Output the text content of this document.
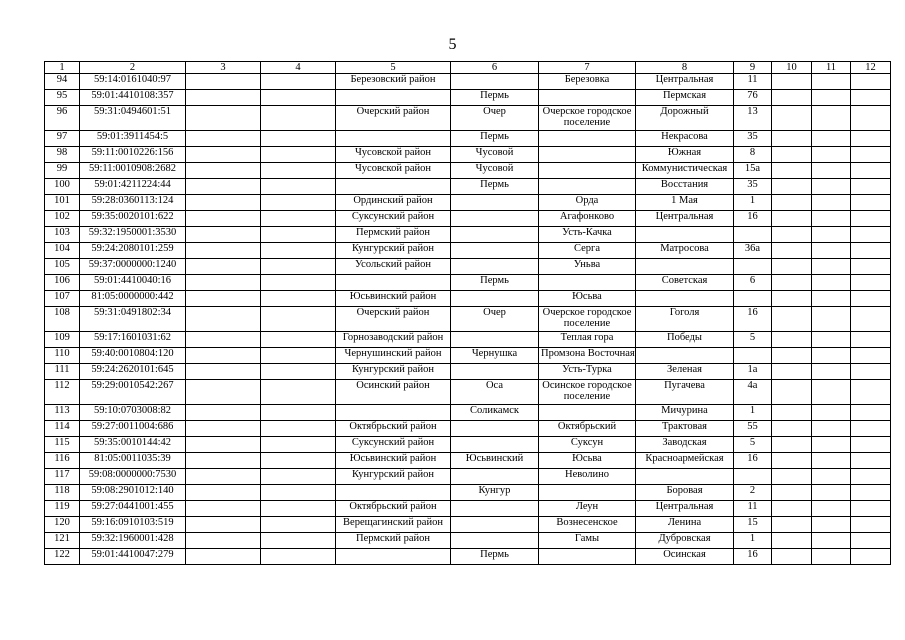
5
1	2	3	4	5	6	7	8	9	10	11	12
94	59:14:0161040:97			Березовский район		Березовка	Центральная	11			
95	59:01:4410108:357				Пермь		Пермская	76			
96	59:31:0494601:51			Очерский район	Очер	Очерское городское поселение	Дорожный	13			
97	59:01:3911454:5				Пермь		Некрасова	35			
98	59:11:0010226:156			Чусовской район	Чусовой		Южная	8			
99	59:11:0010908:2682			Чусовской район	Чусовой		Коммунистическая	15а			
100	59:01:4211224:44				Пермь		Восстания	35			
101	59:28:0360113:124			Ординский район		Орда	1 Мая	1			
102	59:35:0020101:622			Суксунский район		Агафонково	Центральная	16			
103	59:32:1950001:3530			Пермский район		Усть-Качка					
104	59:24:2080101:259			Кунгурский район		Серга	Матросова	36а			
105	59:37:0000000:1240			Усольский район		Уньва					
106	59:01:4410040:16				Пермь		Советская	6			
107	81:05:0000000:442			Юсьвинский район		Юсьва					
108	59:31:0491802:34			Очерский район	Очер	Очерское городское поселение	Гоголя	16			
109	59:17:1601031:62			Горнозаводский район		Теплая гора	Победы	5			
110	59:40:0010804:120			Чернушинский район	Чернушка	Промзона Восточная					
111	59:24:2620101:645			Кунгурский район		Усть-Турка	Зеленая	1а			
112	59:29:0010542:267			Осинский район	Оса	Осинское городское поселение	Пугачева	4а			
113	59:10:0703008:82				Соликамск		Мичурина	1			
114	59:27:0011004:686			Октябрьский район		Октябрьский	Трактовая	55			
115	59:35:0010144:42			Суксунский район		Суксун	Заводская	5			
116	81:05:0011035:39			Юсьвинский район	Юсьвинский	Юсьва	Красноармейская	16			
117	59:08:0000000:7530			Кунгурский район		Неволино					
118	59:08:2901012:140				Кунгур		Боровая	2			
119	59:27:0441001:455			Октябрьский район		Леун	Центральная	11			
120	59:16:0910103:519			Верещагинский район		Вознесенское	Ленина	15			
121	59:32:1960001:428			Пермский район		Гамы	Дубровская	1			
122	59:01:4410047:279				Пермь		Осинская	16			
